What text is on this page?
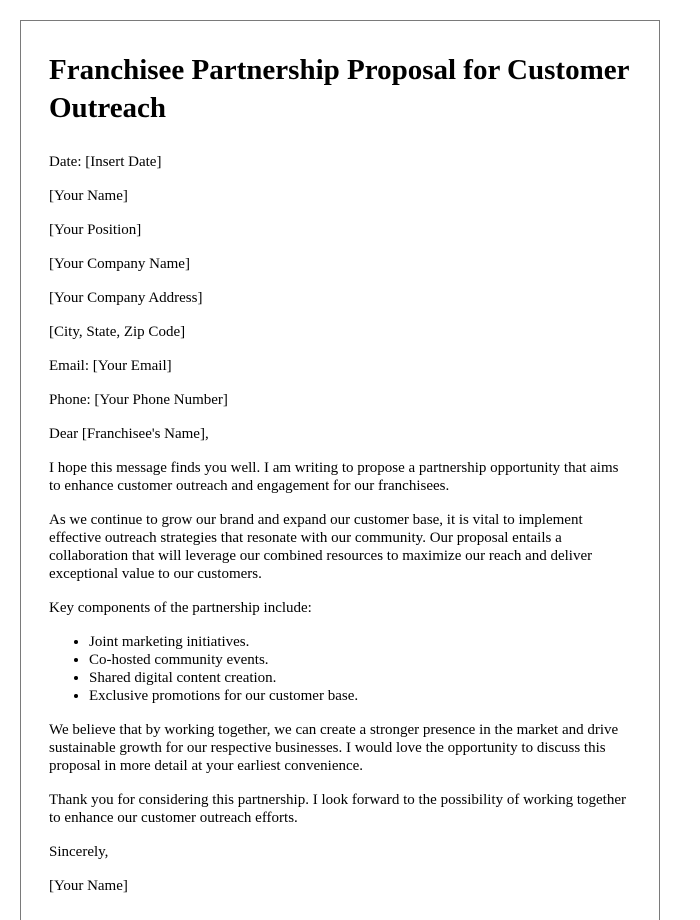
Franchisee Partnership Proposal for Customer Outreach

Date: [Insert Date]

[Your Name]

[Your Position]

[Your Company Name]

[Your Company Address]

[City, State, Zip Code]

Email: [Your Email]

Phone: [Your Phone Number]

Dear [Franchisee's Name],

I hope this message finds you well. I am writing to propose a partnership opportunity that aims to enhance customer outreach and engagement for our franchisees.

As we continue to grow our brand and expand our customer base, it is vital to implement effective outreach strategies that resonate with our community. Our proposal entails a collaboration that will leverage our combined resources to maximize our reach and deliver exceptional value to our customers.

Key components of the partnership include:

• Joint marketing initiatives.
• Co-hosted community events.
• Shared digital content creation.
• Exclusive promotions for our customer base.

We believe that by working together, we can create a stronger presence in the market and drive sustainable growth for our respective businesses. I would love the opportunity to discuss this proposal in more detail at your earliest convenience.

Thank you for considering this partnership. I look forward to the possibility of working together to enhance our customer outreach efforts.

Sincerely,

[Your Name]
